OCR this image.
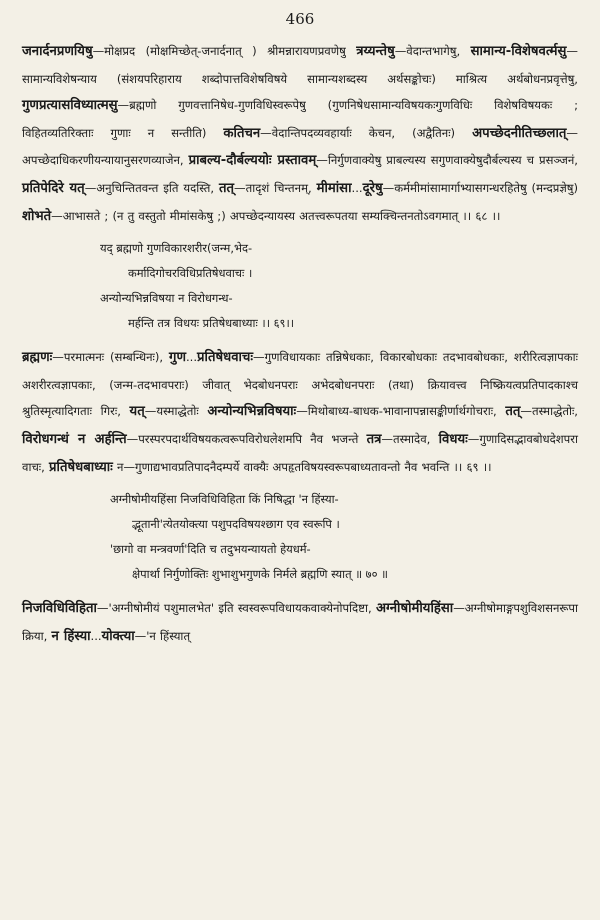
466

जनार्दनप्रणयिषु—मोक्षप्रद (मोक्षमिच्छेत्-जनार्दनात् ) श्रीमन्नारायणप्रवणेषु त्रय्यन्तेषु—वेदान्तभागेषु, सामान्य-विशेषवर्त्मसु—सामान्यविशेषन्याय (संशयपरिहाराय शब्दोपात्तविशेषविषये सामान्यशब्दस्य अर्थसङ्कोचः) माश्रित्य अर्थबोधनप्रवृत्तेषु, गुणप्रत्यासविध्यात्मसु—ब्रह्मणो गुणवत्तानिषेध-गुणविधिस्वरूपेषु (गुणनिषेधसामान्यविषयकःगुणविधिः विशेषविषयकः ; विहितव्यतिरिक्ताः गुणाः न सन्तीति) कतिचन—वेदान्तिपदव्यवहार्याः केचन, (अद्वैतिनः) अपच्छेदनीतिच्छलात्—अपच्छेदाधिकरणीयन्यायानुसरणव्याजेन, प्राबल्य-दौर्बल्ययोः प्रस्तावम्—निर्गुणवाक्येषु प्राबल्यस्य सगुणवाक्येषुदौर्बल्यस्य च प्रसञ्जनं, प्रतिपेदिरे यत्—अनुचिन्तितवन्त इति यदस्ति, तत्—तादृशं चिन्तनम्, मीमांसा...दूरेषु—कर्ममीमांसामार्गाभ्यासगन्धरहितेषु (मन्दप्रज्ञेषु) शोभते—आभासते ; (न तु वस्तुतो मीमांसकेषु ;) अपच्छेदन्यायस्य अतत्त्वरूपतया सम्यक्चिन्तनतोऽवगमात् ।। ६८ ।।

यद् ब्रह्मणो गुणविकारशरीर(जन्म,भेद-
कर्मादिगोचरविधिप्रतिषेधवाचः ।
अन्योन्यभिन्नविषया न विरोधगन्ध-
मर्हन्ति तत्र विधयः प्रतिषेधबाध्याः ।। ६९।।

ब्रह्मणः—परमात्मनः (सम्बन्धिनः), गुण...प्रतिषेधवाचः—गुणविधायकाः तन्निषेधकाः, विकारबोधकाः तदभावबोधकाः, शरीरित्वज्ञापकाः अशरीरत्वज्ञापकाः, (जन्म-तदभावपराः) जीवात् भेदबोधनपराः अभेदबोधनपराः (तथा) क्रियावत्त्व निष्क्रियत्वप्रतिपादकाश्च श्रुतिस्मृत्यादिगताः गिरः, यत्—यस्माद्धेतोः अन्योन्यभिन्नविषयाः—मिथोबाध्य-बाधक-भावानापन्नासङ्कीर्णार्थगोचराः, तत्—तस्माद्धेतोः, विरोधगन्धं न अर्हन्ति—परस्परपदार्थविषयकत्वरूपविरोधलेशमपि नैव भजन्ते तत्र—तस्मादेव, विधयः—गुणादिसद्भावबोधदेशपरा वाचः, प्रतिषेधबाध्याः न—गुणाद्यभावप्रतिपादनैदम्पर्ये वाक्यैः अपहृतविषयस्वरूपबाध्यतावन्तो नैव भवन्ति ।। ६९ ।।

अग्नीषोमीयहिंसा निजविधिविहिता किं निषिद्धा 'न हिंस्या-
द्भूतानी'त्येतयोक्त्या पशुपदविषयश्छाग एव स्वरूपि ।
'छागो वा मन्त्रवर्णा'दिति च तदुभयन्यायतो हेयधर्म-
क्षेपार्था निर्गुणोक्तिः शुभाशुभगुणके निर्मले ब्रह्मणि स्यात् ॥ ७० ॥

निजविधिविहिता—'अग्नीषोमीयं पशुमालभेत' इति स्वस्वरूपविधायकवाक्येनोपदिष्टा, अग्नीषोमीयहिंसा—अग्नीषोमाङ्गपशुविशसनरूपा क्रिया, न हिंस्या...योक्त्या—'न हिंस्यात्
